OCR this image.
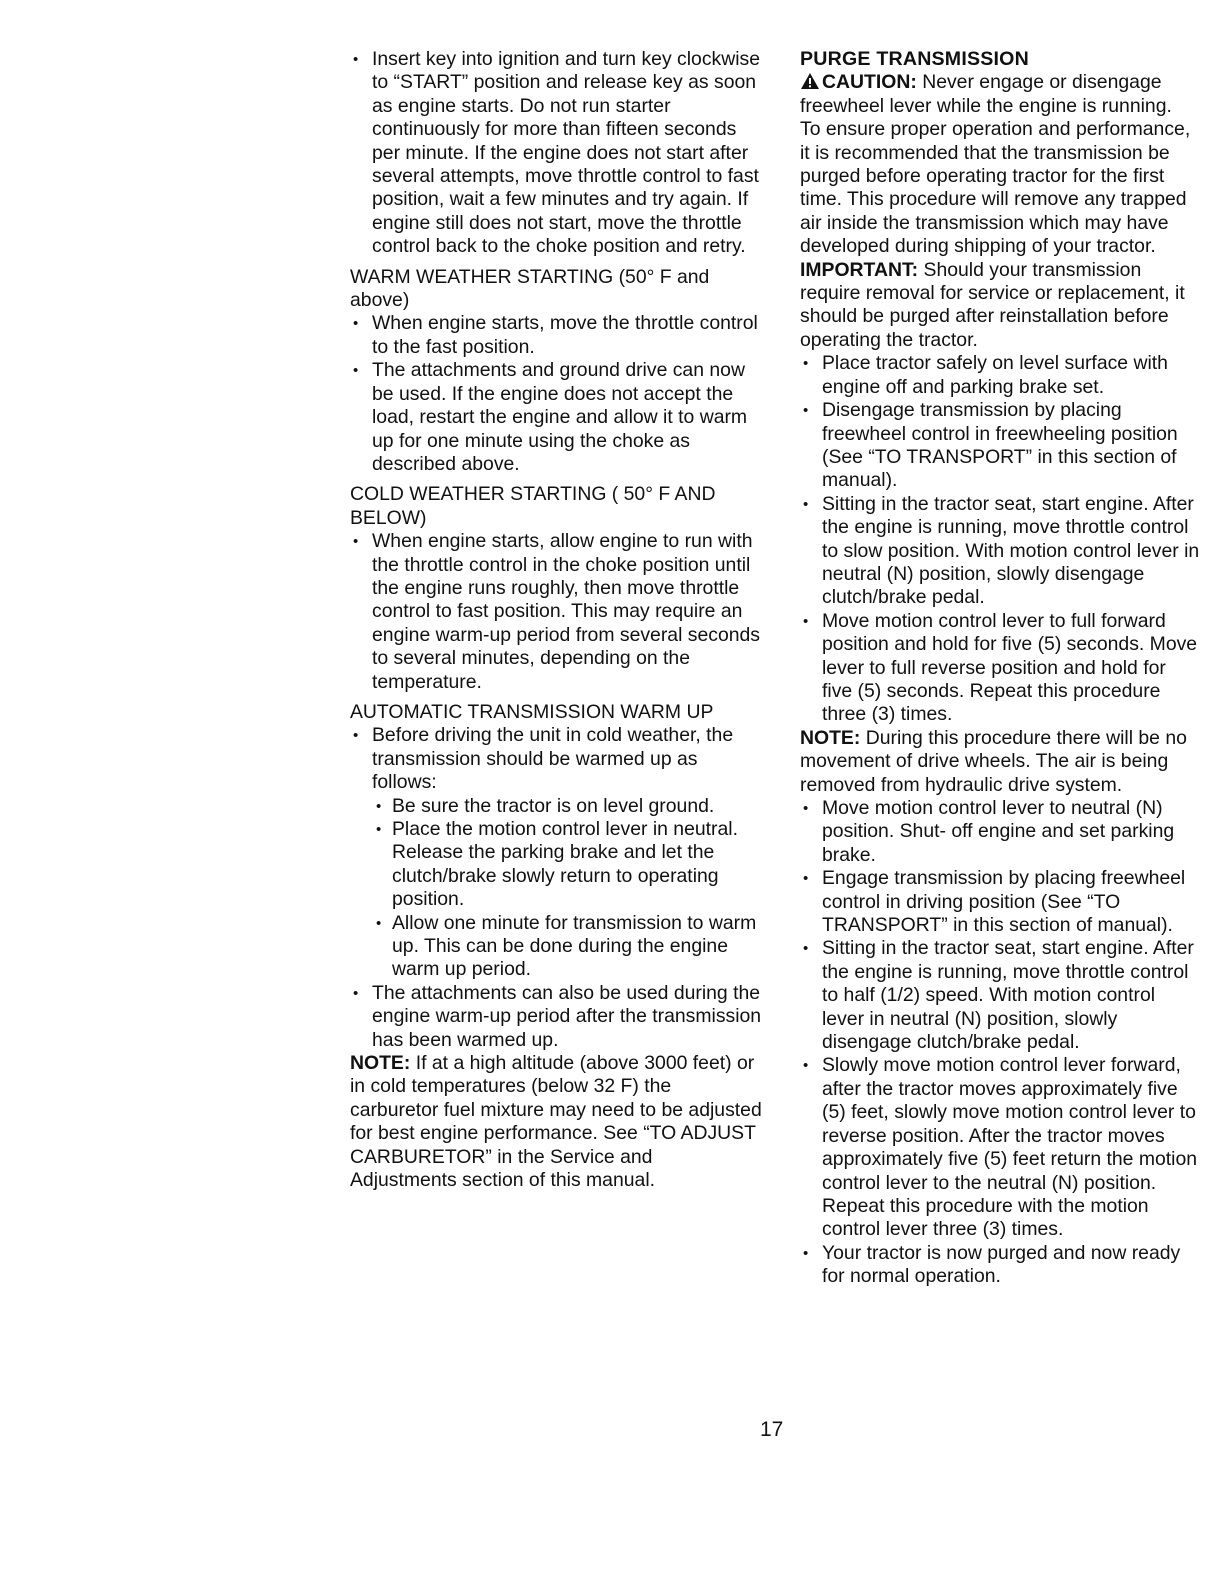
• Insert key into ignition and turn key clockwise to “START” position and release key as soon as engine starts. Do not run starter continuously for more than fifteen seconds per minute. If the engine does not start after several attempts, move throttle control to fast position, wait a few minutes and try again. If engine still does not start, move the throttle control back to the choke position and retry.

WARM WEATHER STARTING (50° F and above)

• When engine starts, move the throttle control to the fast position.
• The attachments and ground drive can now be used. If the engine does not accept the load, restart the engine and allow it to warm up for one minute using the choke as described above.

COLD WEATHER STARTING ( 50° F AND BELOW)

• When engine starts, allow engine to run with the throttle control in the choke position until the engine runs roughly, then move throttle control to fast position. This may require an engine warm-up period from several seconds to several minutes, depending on the temperature.

AUTOMATIC TRANSMISSION WARM UP

• Before driving the unit in cold weather, the transmission should be warmed up as follows:
• Be sure the tractor is on level ground.
• Place the motion control lever in neutral. Release the parking brake and let the clutch/brake slowly return to operating position.
• Allow one minute for transmission to warm up. This can be done during the engine warm up period.
• The attachments can also be used during the engine warm-up period after the transmission has been warmed up.

NOTE: If at a high altitude (above 3000 feet) or in cold temperatures (below 32 F) the carburetor fuel mixture may need to be adjusted for best engine performance. See “TO ADJUST CARBURETOR” in the Service and Adjustments section of this manual.

PURGE TRANSMISSION

CAUTION: Never engage or disengage freewheel lever while the engine is running.

To ensure proper operation and performance, it is recommended that the transmission be purged before operating tractor for the first time. This procedure will remove any trapped air inside the transmission which may have developed during shipping of your tractor.

IMPORTANT: Should your transmission require removal for service or replacement, it should be purged after reinstallation before operating the tractor.

• Place tractor safely on level surface with engine off and parking brake set.
• Disengage transmission by placing freewheel control in freewheeling position (See “TO TRANSPORT” in this section of manual).
• Sitting in the tractor seat, start engine. After the engine is running, move throttle control to slow position. With motion control lever in neutral (N) position, slowly disengage clutch/brake pedal.
• Move motion control lever to full forward position and hold for five (5) seconds. Move lever to full reverse position and hold for five (5) seconds. Repeat this procedure three (3) times.

NOTE: During this procedure there will be no movement of drive wheels. The air is being removed from hydraulic drive system.

• Move motion control lever to neutral (N) position. Shut- off engine and set parking brake.
• Engage transmission by placing freewheel control in driving position (See “TO TRANSPORT” in this section of manual).
• Sitting in the tractor seat, start engine. After the engine is running, move throttle control to half (1/2) speed. With motion control lever in neutral (N) position, slowly disengage clutch/brake pedal.
• Slowly move motion control lever forward, after the tractor moves approximately five (5) feet, slowly move motion control lever to reverse position. After the tractor moves approximately five (5) feet return the motion control lever to the neutral (N) position. Repeat this procedure with the motion control lever three (3) times.
• Your tractor is now purged and now ready for normal operation.
17
